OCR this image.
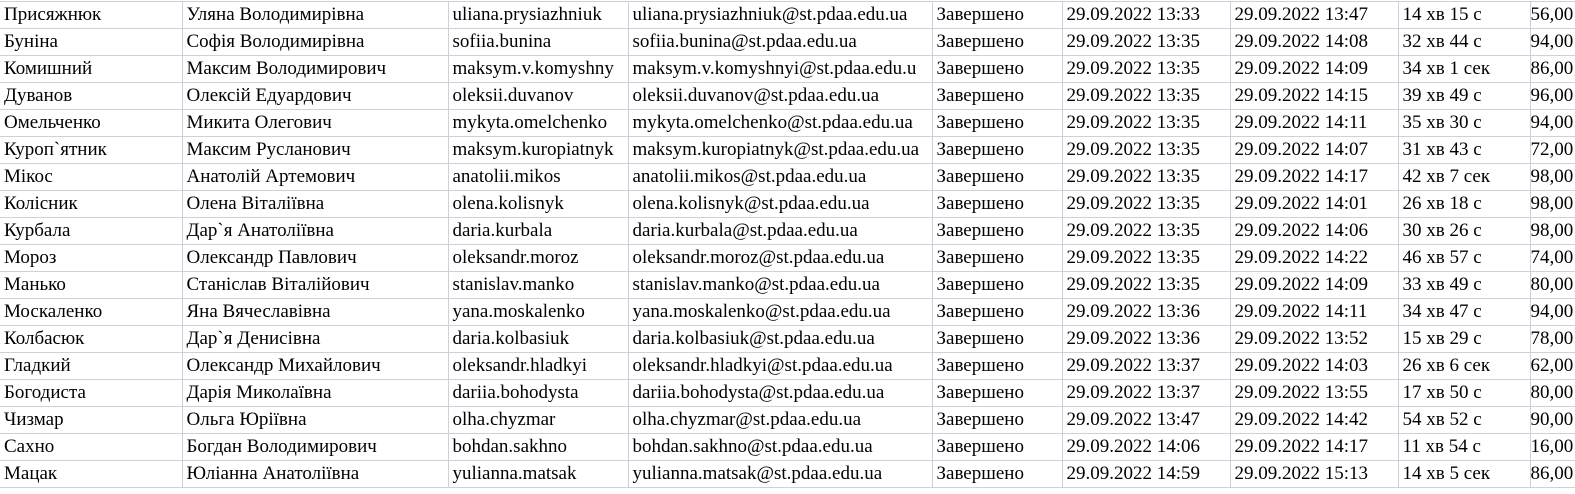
Присяжнюк	Уляна Володимирівна	uliana.prysiazhniuk	uliana.prysiazhniuk@st.pdaa.edu.ua	Завершено	29.09.2022 13:33	29.09.2022 13:47	14 хв 15 с	56,00
Буніна	Софія Володимирівна	sofiia.bunina	sofiia.bunina@st.pdaa.edu.ua	Завершено	29.09.2022 13:35	29.09.2022 14:08	32 хв 44 с	94,00
Комишний	Максим Володимирович	maksym.v.komyshny	maksym.v.komyshnyi@st.pdaa.edu.u	Завершено	29.09.2022 13:35	29.09.2022 14:09	34 хв 1 сек	86,00
Дуванов	Олексій Едуардович	oleksii.duvanov	oleksii.duvanov@st.pdaa.edu.ua	Завершено	29.09.2022 13:35	29.09.2022 14:15	39 хв 49 с	96,00
Омельченко	Микита Олегович	mykyta.omelchenko	mykyta.omelchenko@st.pdaa.edu.ua	Завершено	29.09.2022 13:35	29.09.2022 14:11	35 хв 30 с	94,00
Куроп`ятник	Максим Русланович	maksym.kuropiatnyk	maksym.kuropiatnyk@st.pdaa.edu.ua	Завершено	29.09.2022 13:35	29.09.2022 14:07	31 хв 43 с	72,00
Мікос	Анатолій Артемович	anatolii.mikos	anatolii.mikos@st.pdaa.edu.ua	Завершено	29.09.2022 13:35	29.09.2022 14:17	42 хв 7 сек	98,00
Колісник	Олена Віталіївна	olena.kolisnyk	olena.kolisnyk@st.pdaa.edu.ua	Завершено	29.09.2022 13:35	29.09.2022 14:01	26 хв 18 с	98,00
Курбала	Дар`я Анатоліївна	daria.kurbala	daria.kurbala@st.pdaa.edu.ua	Завершено	29.09.2022 13:35	29.09.2022 14:06	30 хв 26 с	98,00
Мороз	Олександр Павлович	oleksandr.moroz	oleksandr.moroz@st.pdaa.edu.ua	Завершено	29.09.2022 13:35	29.09.2022 14:22	46 хв 57 с	74,00
Манько	Станіслав Віталійович	stanislav.manko	stanislav.manko@st.pdaa.edu.ua	Завершено	29.09.2022 13:35	29.09.2022 14:09	33 хв 49 с	80,00
Москаленко	Яна Вячеславівна	yana.moskalenko	yana.moskalenko@st.pdaa.edu.ua	Завершено	29.09.2022 13:36	29.09.2022 14:11	34 хв 47 с	94,00
Колбасюк	Дар`я Денисівна	daria.kolbasiuk	daria.kolbasiuk@st.pdaa.edu.ua	Завершено	29.09.2022 13:36	29.09.2022 13:52	15 хв 29 с	78,00
Гладкий	Олександр Михайлович	oleksandr.hladkyi	oleksandr.hladkyi@st.pdaa.edu.ua	Завершено	29.09.2022 13:37	29.09.2022 14:03	26 хв 6 сек	62,00
Богодиста	Дарія Миколаївна	dariia.bohodysta	dariia.bohodysta@st.pdaa.edu.ua	Завершено	29.09.2022 13:37	29.09.2022 13:55	17 хв 50 с	80,00
Чизмар	Ольга Юріївна	olha.chyzmar	olha.chyzmar@st.pdaa.edu.ua	Завершено	29.09.2022 13:47	29.09.2022 14:42	54 хв 52 с	90,00
Сахно	Богдан Володимирович	bohdan.sakhno	bohdan.sakhno@st.pdaa.edu.ua	Завершено	29.09.2022 14:06	29.09.2022 14:17	11 хв 54 с	16,00
Мацак	Юліанна Анатоліївна	yulianna.matsak	yulianna.matsak@st.pdaa.edu.ua	Завершено	29.09.2022 14:59	29.09.2022 15:13	14 хв 5 сек	86,00
